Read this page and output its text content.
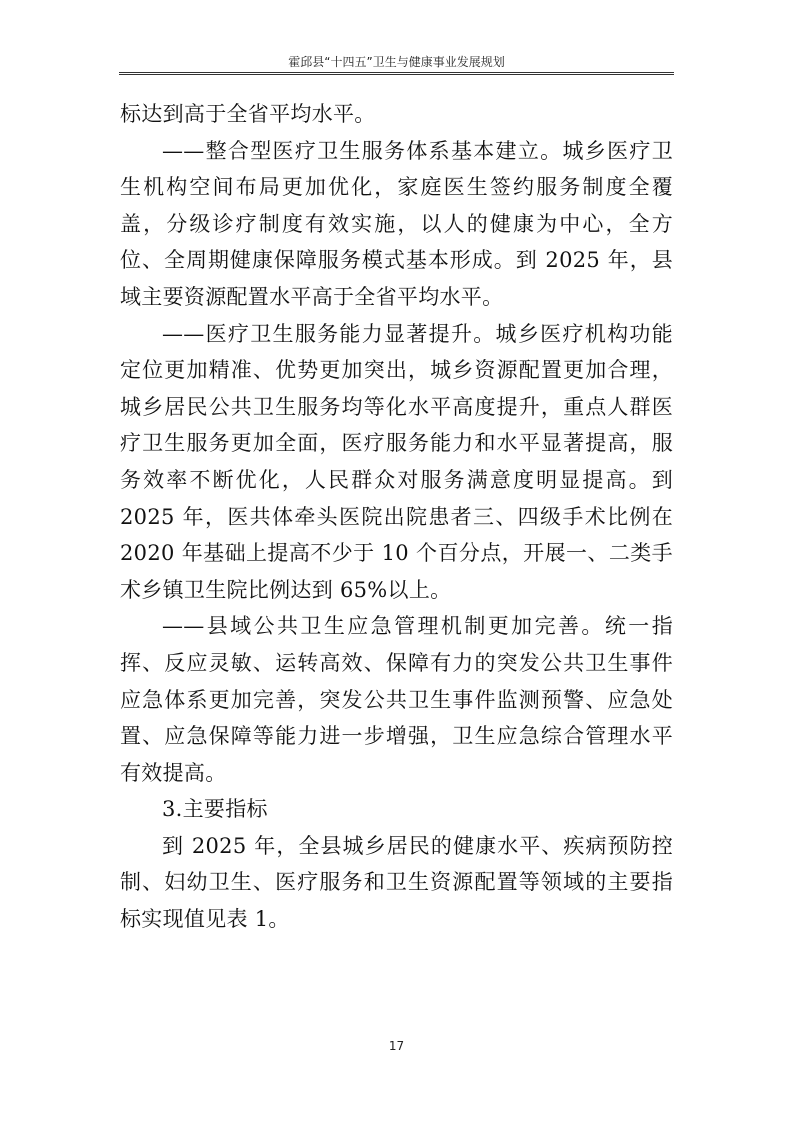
霍邱县“十四五”卫生与健康事业发展规划

标达到高于全省平均水平。

——整合型医疗卫生服务体系基本建立。城乡医疗卫生机构空间布局更加优化，家庭医生签约服务制度全覆盖，分级诊疗制度有效实施，以人的健康为中心，全方位、全周期健康保障服务模式基本形成。到 2025 年，县域主要资源配置水平高于全省平均水平。

——医疗卫生服务能力显著提升。城乡医疗机构功能定位更加精准、优势更加突出，城乡资源配置更加合理，城乡居民公共卫生服务均等化水平高度提升，重点人群医疗卫生服务更加全面，医疗服务能力和水平显著提高，服务效率不断优化，人民群众对服务满意度明显提高。到 2025 年，医共体牵头医院出院患者三、四级手术比例在 2020 年基础上提高不少于 10 个百分点，开展一、二类手术乡镇卫生院比例达到 65%以上。

——县域公共卫生应急管理机制更加完善。统一指挥、反应灵敏、运转高效、保障有力的突发公共卫生事件应急体系更加完善，突发公共卫生事件监测预警、应急处置、应急保障等能力进一步增强，卫生应急综合管理水平有效提高。

3.主要指标

到 2025 年，全县城乡居民的健康水平、疾病预防控制、妇幼卫生、医疗服务和卫生资源配置等领域的主要指标实现值见表 1。

17
